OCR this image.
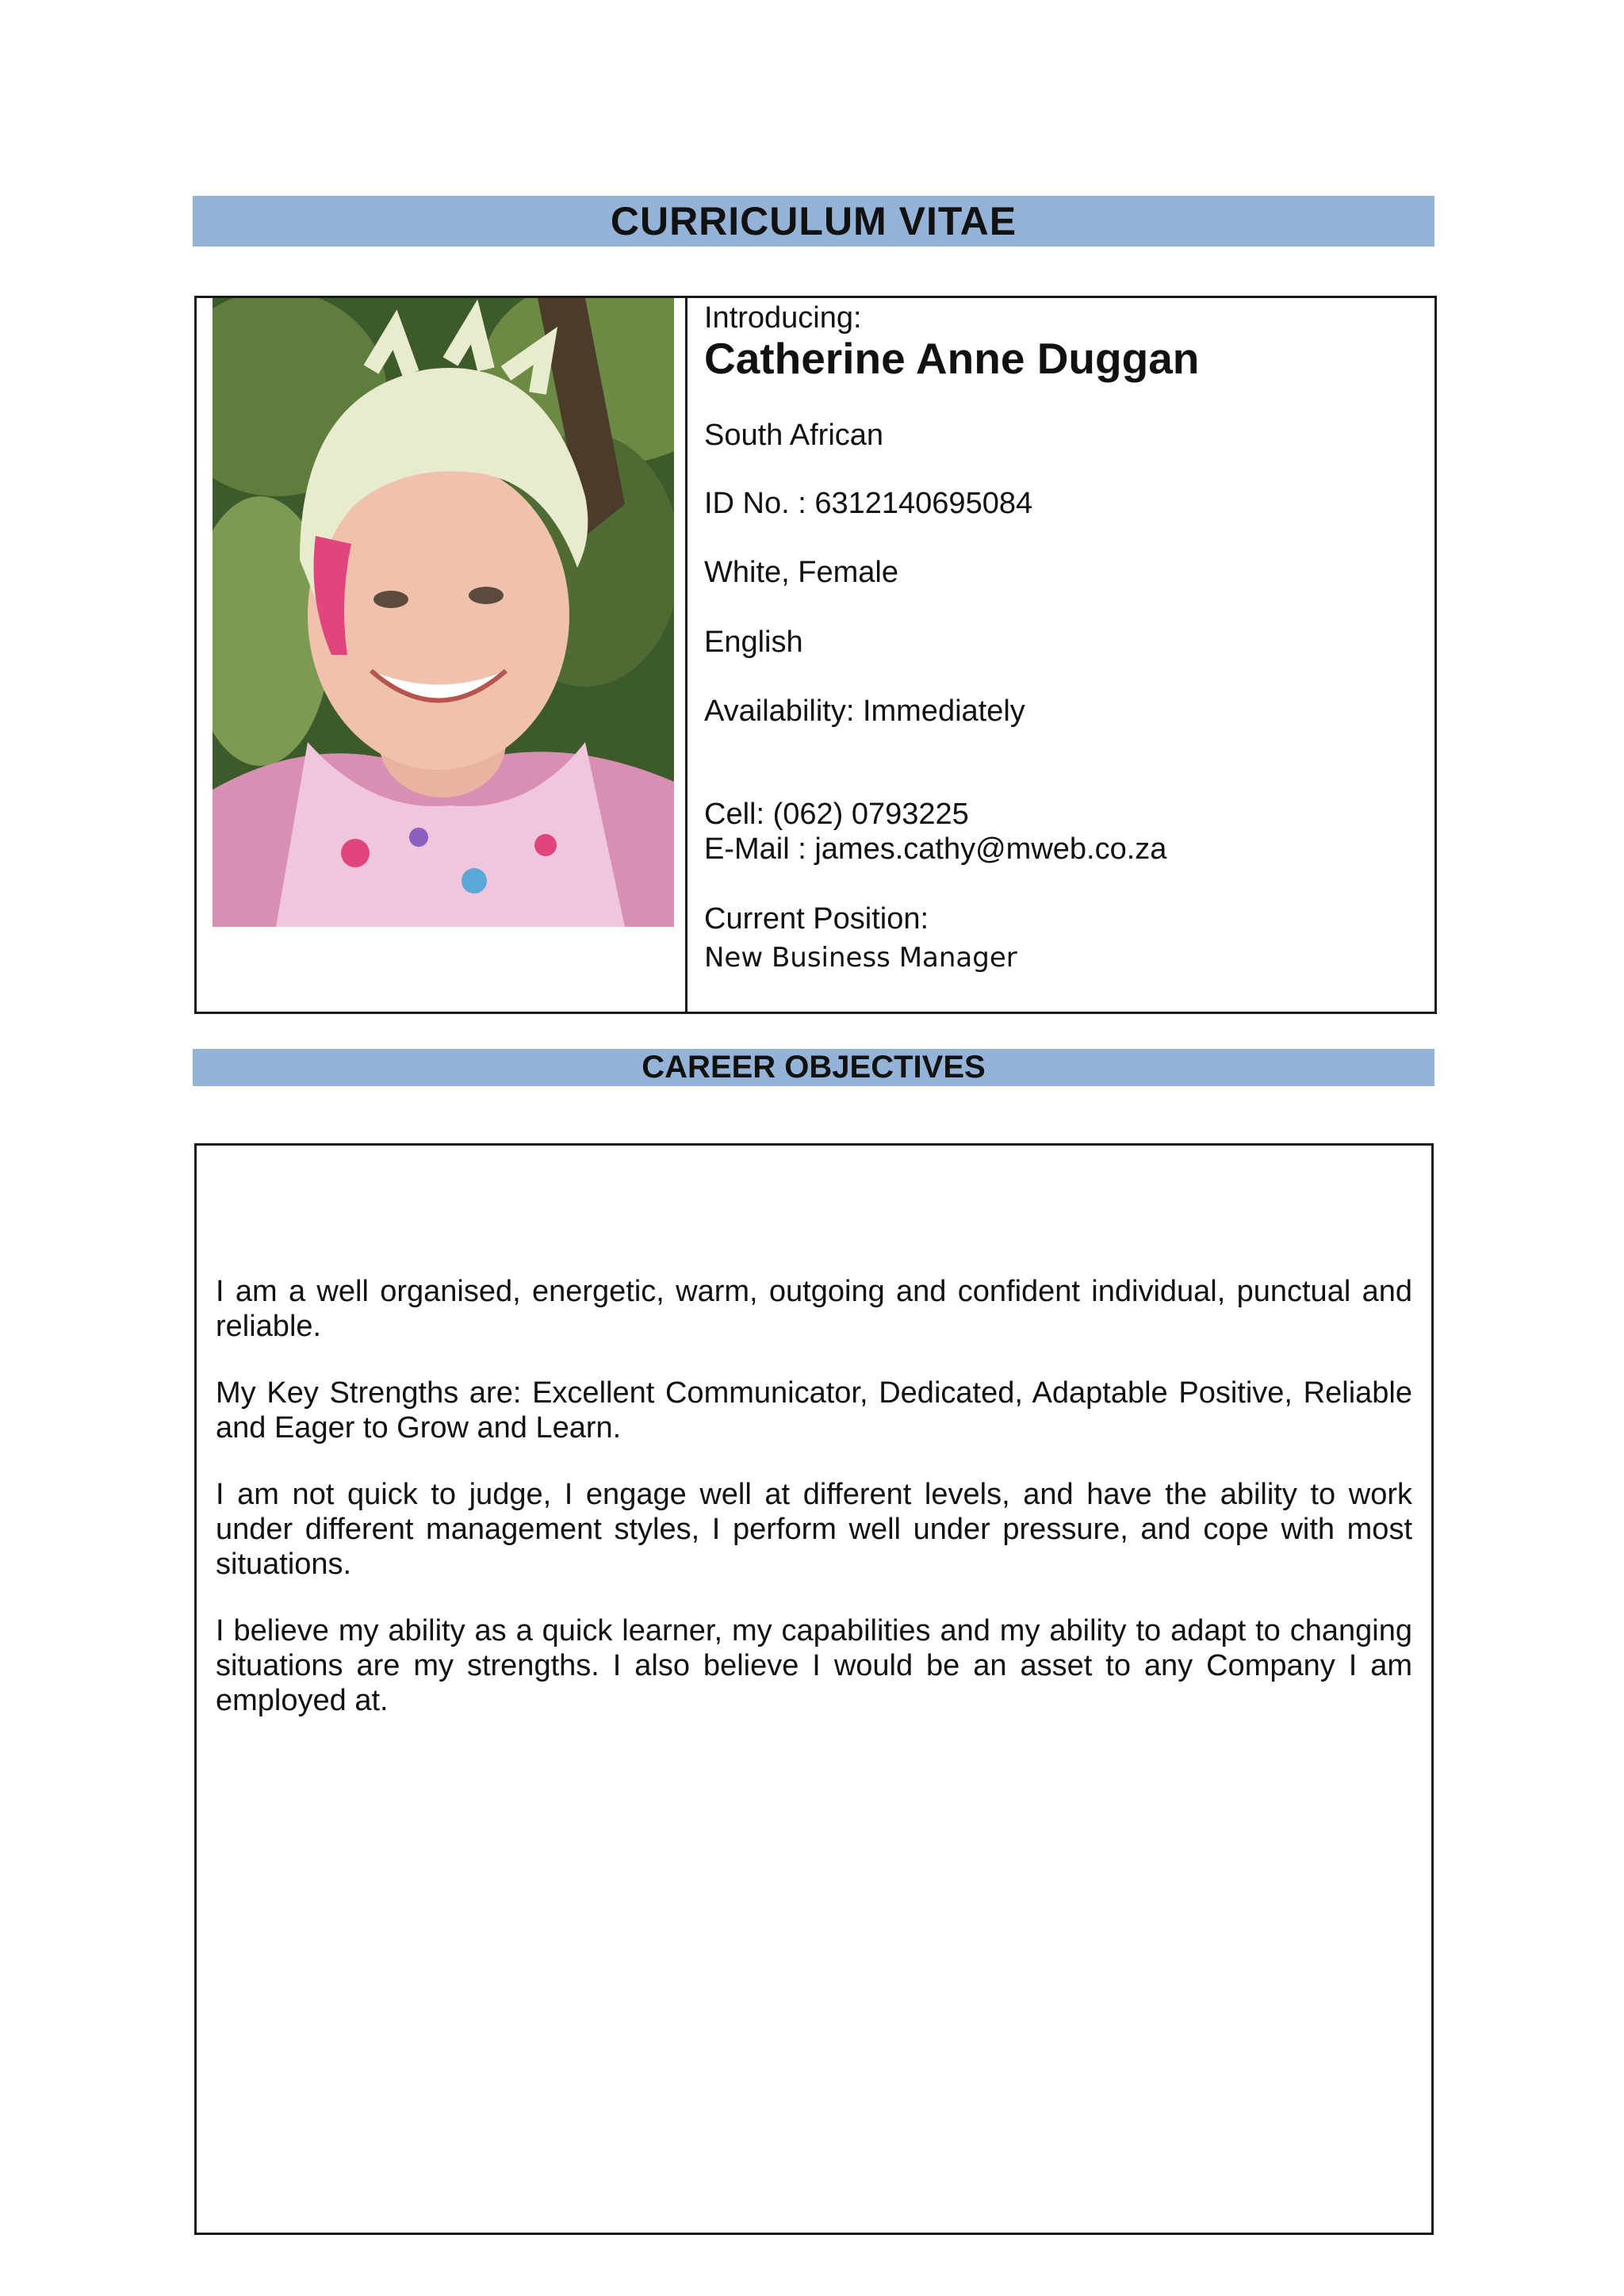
CURRICULUM VITAE
Introducing:
Catherine Anne Duggan
South African
ID No. : 6312140695084
White, Female
English
Availability: Immediately
Cell: (062) 0793225
E-Mail : james.cathy@mweb.co.za
Current Position:
New Business Manager
CAREER OBJECTIVES

I am a well organised, energetic, warm, outgoing and confident individual, punctual and reliable.

My Key Strengths are: Excellent Communicator, Dedicated, Adaptable Positive, Reliable and Eager to Grow and Learn.

I am not quick to judge, I engage well at different levels, and have the ability to work under different management styles, I perform well under pressure, and cope with most situations.

I believe my ability as a quick learner, my capabilities and my ability to adapt to changing situations are my strengths. I also believe I would be an asset to any Company I am employed at.
